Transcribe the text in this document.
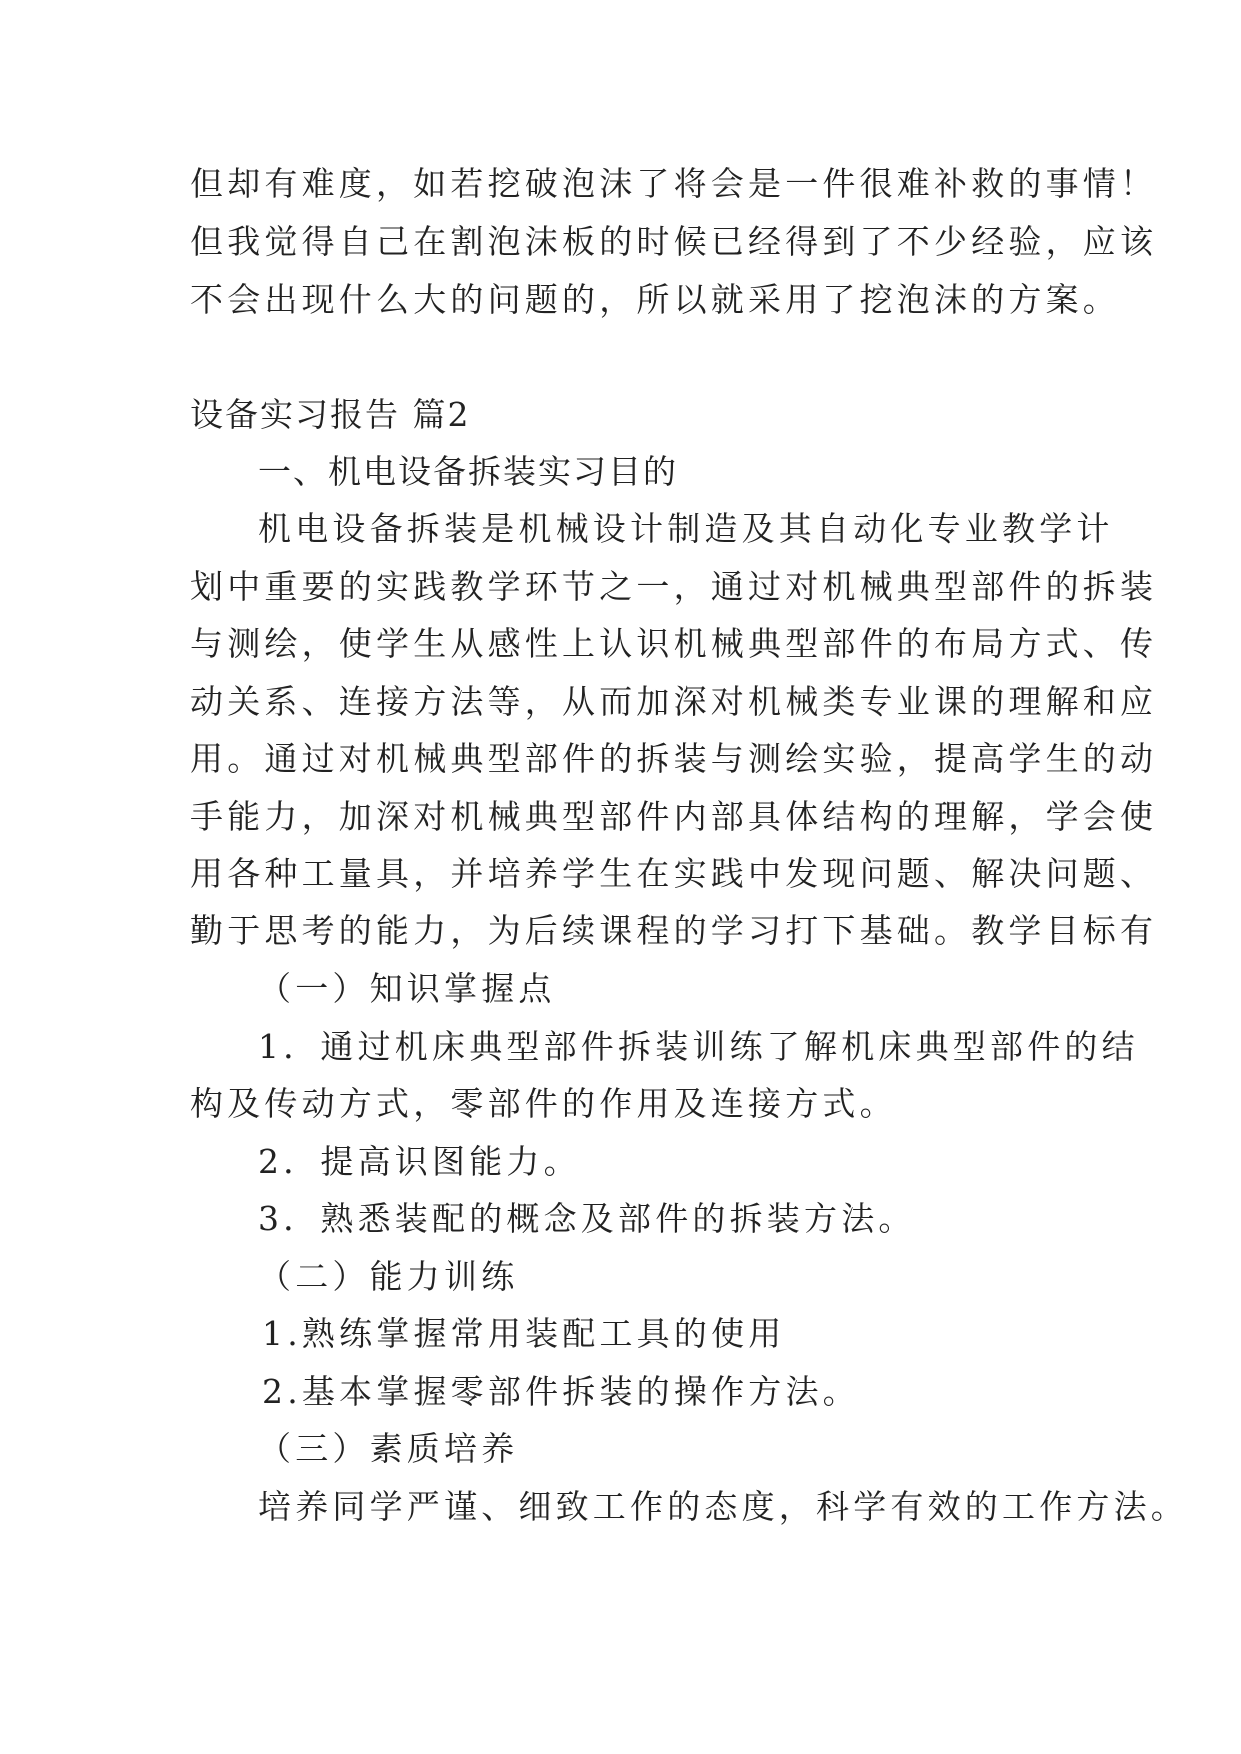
但却有难度，如若挖破泡沫了将会是一件很难补救的事情！
但我觉得自己在割泡沫板的时候已经得到了不少经验，应该
不会出现什么大的问题的，所以就采用了挖泡沫的方案。
设备实习报告 篇2
一、机电设备拆装实习目的
机电设备拆装是机械设计制造及其自动化专业教学计
划中重要的实践教学环节之一，通过对机械典型部件的拆装
与测绘，使学生从感性上认识机械典型部件的布局方式、传
动关系、连接方法等，从而加深对机械类专业课的理解和应
用。通过对机械典型部件的拆装与测绘实验，提高学生的动
手能力，加深对机械典型部件内部具体结构的理解，学会使
用各种工量具，并培养学生在实践中发现问题、解决问题、
勤于思考的能力，为后续课程的学习打下基础。教学目标有
（一）知识掌握点
1．通过机床典型部件拆装训练了解机床典型部件的结
构及传动方式，零部件的作用及连接方式。
2．提高识图能力。
3．熟悉装配的概念及部件的拆装方法。
（二）能力训练
1.熟练掌握常用装配工具的使用
2.基本掌握零部件拆装的操作方法。
（三）素质培养
培养同学严谨、细致工作的态度，科学有效的工作方法。
